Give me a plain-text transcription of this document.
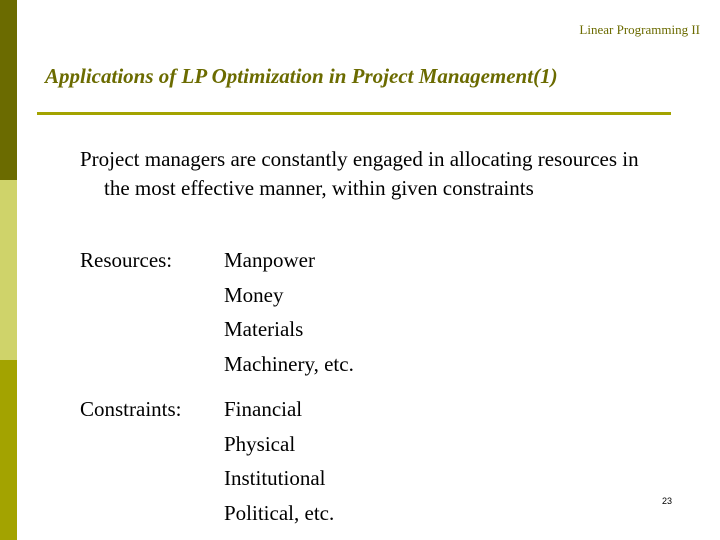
Linear Programming II
Applications of LP Optimization in Project Management(1)
Project managers are constantly engaged in allocating resources in the most effective manner, within given constraints
Resources: Manpower
Money
Materials
Machinery, etc.
Constraints: Financial
Physical
Institutional
Political, etc.	23
